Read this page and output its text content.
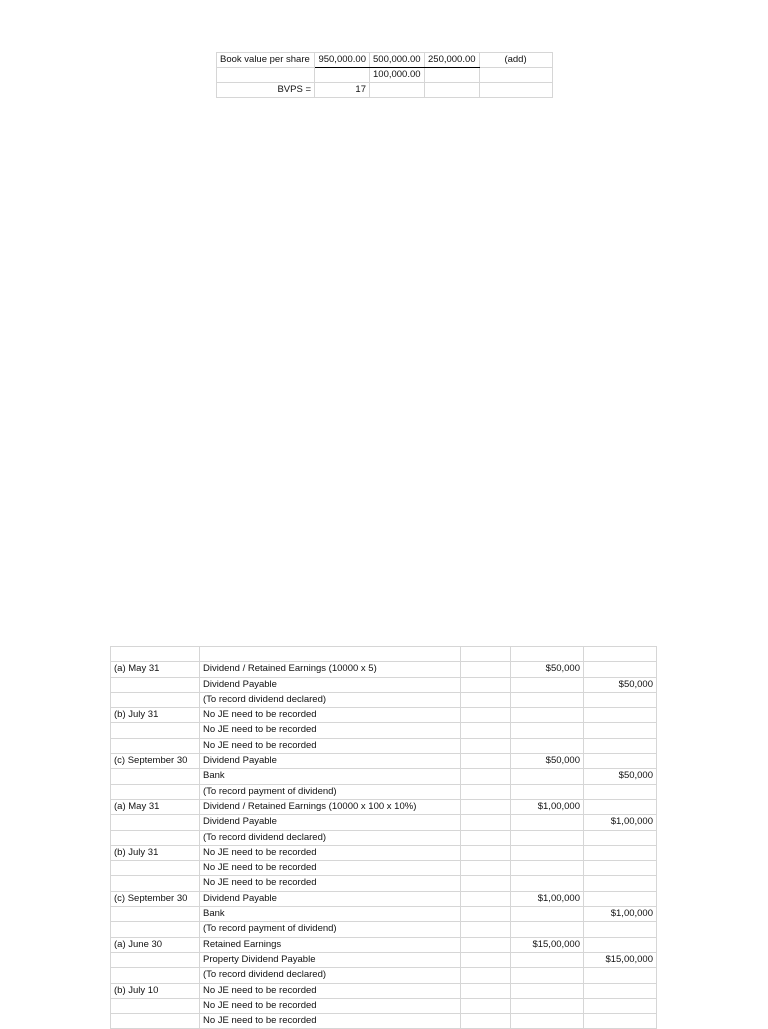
Book value per share	950,000.00	500,000.00	250,000.00	(add)
		100,000.00		
BVPS =	17			

(a) May 31	Dividend / Retained Earnings (10000 x 5)		$50,000	
	Dividend Payable			$50,000
	(To record dividend declared)			
(b) July 31	No JE need to be recorded			
	No JE need to be recorded			
	No JE need to be recorded			
(c) September 30	Dividend Payable		$50,000	
	Bank			$50,000
	(To record payment of dividend)			
(a) May 31	Dividend / Retained Earnings (10000 x 100 x 10%)		$1,00,000	
	Dividend Payable			$1,00,000
	(To record dividend declared)			
(b) July 31	No JE need to be recorded			
	No JE need to be recorded			
	No JE need to be recorded			
(c) September 30	Dividend Payable		$1,00,000	
	Bank			$1,00,000
	(To record payment of dividend)			
(a) June 30	Retained Earnings		$15,00,000	
	Property Dividend Payable			$15,00,000
	(To record dividend declared)			
(b) July 10	No JE need to be recorded			
	No JE need to be recorded			
	No JE need to be recorded			
